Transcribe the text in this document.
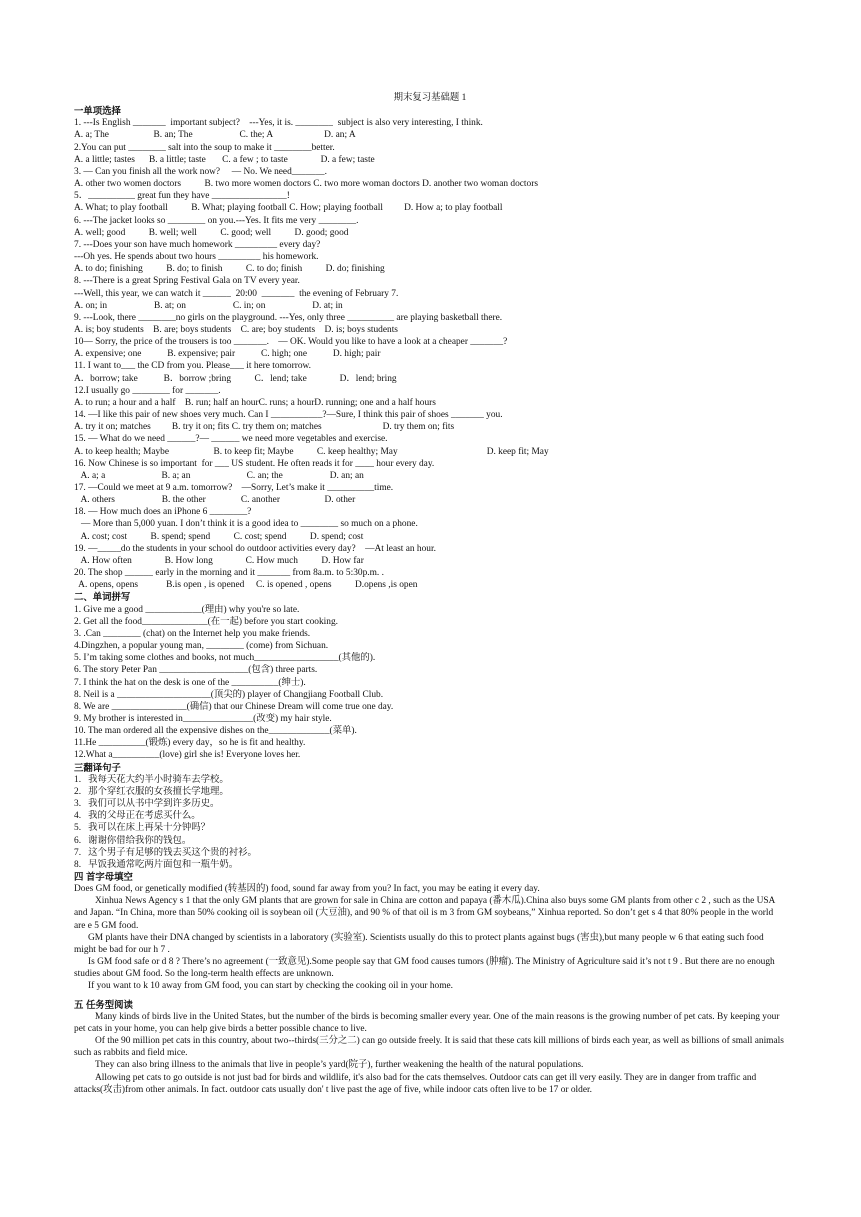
期末复习基础题 1
一单项选择
1. ---Is English _______  important subject?    ---Yes, it is. ________  subject is also very interesting, I think.
A. a; The                   B. an; The                    C. the; A                      D. an; A
2.You can put ________ salt into the soup to make it ________better.
A. a little; tastes      B. a little; taste       C. a few ; to taste              D. a few; taste
3. — Can you finish all the work now?     — No. We need_______.
A. other two women doctors          B. two more women doctors C. two more woman doctors D. another two woman doctors
5．__________ great fun they have ________________!
A. What; to play football          B. What; playing football C. How; playing football         D. How a; to play football
6. ---The jacket looks so ________ on you.---Yes. It fits me very ________.
A. well; good          B. well; well          C. good; well          D. good; good
7. ---Does your son have much homework _________ every day?
---Oh yes. He spends about two hours _________ his homework.
A. to do; finishing          B. do; to finish          C. to do; finish          D. do; finishing
8. ---There is a great Spring Festival Gala on TV every year.
---Well, this year, we can watch it ______  20:00  _______  the evening of February 7.
A. on; in                    B. at; on                    C. in; on                    D. at; in
9. ---Look, there ________no girls on the playground. ---Yes, only three __________ are playing basketball there.
A. is; boy students    B. are; boys students    C. are; boy students    D. is; boys students
10— Sorry, the price of the trousers is too _______.    — OK. Would you like to have a look at a cheaper _______?
A. expensive; one           B. expensive; pair           C. high; one           D. high; pair
11. I want to___ the CD from you. Please___ it here tomorrow.
A．borrow; take           B．borrow ;bring          C．lend; take              D．lend; bring
12.I usually go ________ for _______.
A. to run; a hour and a half    B. run; half an hourC. runs; a hourD. running; one and a half hours
14. —I like this pair of new shoes very much. Can I ___________?—Sure, I think this pair of shoes _______ you.
A. try it on; matches         B. try it on; fits C. try them on; matches                          D. try them on; fits
15. — What do we need ______?— ______ we need more vegetables and exercise.
A. to keep health; Maybe                   B. to keep fit; Maybe          C. keep healthy; May                                      D. keep fit; May
16. Now Chinese is so important  for ___ US student. He often reads it for ____ hour every day.
A. a; a                        B. a; an                        C. an; the                    D. an; an
17. —Could we meet at 9 a.m. tomorrow?    —Sorry, Let’s make it __________time.
A. others                    B. the other               C. another                   D. other
18. — How much does an iPhone 6 ________?
— More than 5,000 yuan. I don’t think it is a good idea to ________ so much on a phone.
A. cost; cost          B. spend; spend          C. cost; spend          D. spend; cost
19. —_____do the students in your school do outdoor activities every day?    —At least an hour.
A. How often              B. How long              C. How much          D. How far
20. The shop ______ early in the morning and it _______ from 8a.m. to 5:30p.m. .
A. opens, opens            B.is open , is opened     C. is opened , opens          D.opens ,is open
二、单词拼写
1. Give me a good ____________(理由) why you're so late.
2. Get all the food______________(在一起) before you start cooking.
3. .Can ________ (chat) on the Internet help you make friends.
4.Dingzhen, a popular young man, ________ (come) from Sichuan.
5. I’m taking some clothes and books, not much__________________(其他的).
6. The story Peter Pan ___________________(包含) three parts.
7. I think the hat on the desk is one of the __________(绅士).
8. Neil is a ____________________(顶尖的) player of Changjiang Football Club.
8. We are ________________(确信) that our Chinese Dream will come true one day.
9. My brother is interested in_______________(改变) my hair style.
10. The man ordered all the expensive dishes on the_____________(菜单).
11.He __________(锻炼) every day，so he is fit and healthy.
12.What a__________(love) girl she is! Everyone loves her.
三翻译句子
1.   我每天花大约半小时骑车去学校。
2.   那个穿红衣服的女孩擅长学地理。
3.   我们可以从书中学到许多历史。
4.   我的父母正在考虑买什么。
5.   我可以在床上再呆十分钟吗？
6.   谢谢你借给我你的钱包。
7.   这个男子有足够的钱去买这个贵的衬衫。
8.   早饭我通常吃两片面包和一瓶牛奶。
四 首字母填空
Does GM food, or genetically modified (转基因的) food, sound far away from you? In fact, you may be eating it every day.
Xinhua News Agency s 1 that the only GM plants that are grown for sale in China are cotton and papaya (番木瓜).China also buys some GM plants from other c 2 , such as the USA and Japan. “In China, more than 50% cooking oil is soybean oil (大豆油), and 90 % of that oil is m 3 from GM soybeans,” Xinhua reported. So don’t get s 4 that 80% people in the world are e 5 GM food.
GM plants have their DNA changed by scientists in a laboratory (实验室). Scientists usually do this to protect plants against bugs (害虫),but many people w 6 that eating such food might be bad for our h 7 .
Is GM food safe or d 8 ? There’s no agreement (一致意见).Some people say that GM food causes tumors (肿瘤). The Ministry of Agriculture said it’s not t 9 . But there are no enough
studies about GM food. So the long-term health effects are unknown.
If you want to k 10 away from GM food, you can start by checking the cooking oil in your home.
五 任务型阅读
Many kinds of birds live in the United States, but the number of the birds is becoming smaller every year. One of the main reasons is the growing number of pet cats. By keeping your pet cats in your home, you can help give birds a better possible chance to live.
Of the 90 million pet cats in this country, about two--thirds(三分之二) can go outside freely. It is said that these cats kill millions of birds each year, as well as billions of small animals such as rabbits and field mice.
They can also bring illness to the animals that live in people’s yard(院子), further weakening the health of the natural populations.
Allowing pet cats to go outside is not just bad for birds and wildlife, it's also bad for the cats themselves. Outdoor cats can get ill very easily. They are in danger from traffic and attacks(攻击)from other animals. In fact. outdoor cats usually don' t live past the age of five, while indoor cats often live to be 17 or older.
